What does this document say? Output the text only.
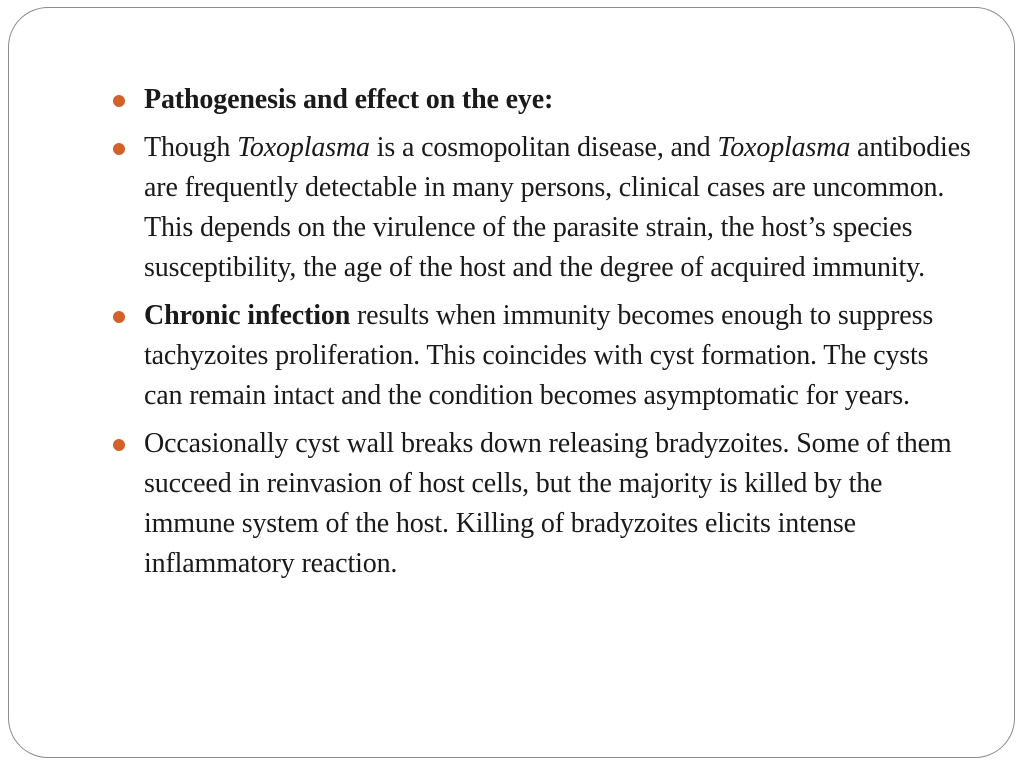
Pathogenesis and effect on the eye:
Though Toxoplasma is a cosmopolitan disease, and Toxoplasma antibodies are frequently detectable in many persons, clinical cases are uncommon. This depends on the virulence of the parasite strain, the host’s species susceptibility, the age of the host and the degree of acquired immunity.
Chronic infection results when immunity becomes enough to suppress tachyzoites proliferation. This coincides with cyst formation. The cysts can remain intact and the condition becomes asymptomatic for years.
Occasionally cyst wall breaks down releasing bradyzoites. Some of them succeed in reinvasion of host cells, but the majority is killed by the immune system of the host. Killing of bradyzoites elicits intense inflammatory reaction.
